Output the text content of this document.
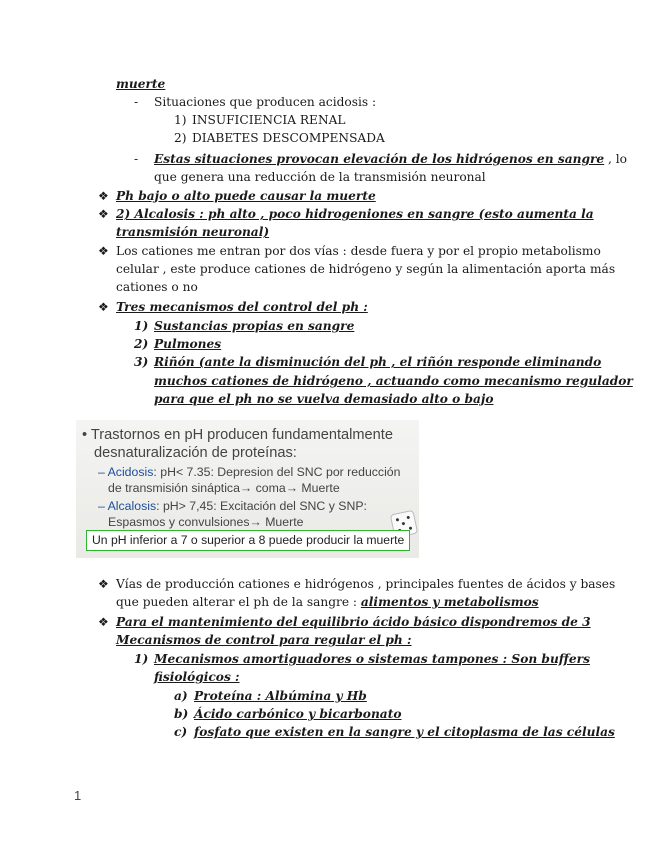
muerte
- Situaciones que producen acidosis :
1) INSUFICIENCIA RENAL
2) DIABETES DESCOMPENSADA
- Estas situaciones provocan elevación de los hidrógenos en sangre , lo
que genera una reducción de la transmisión neuronal
❖ Ph bajo o alto puede causar la muerte
❖ 2) Alcalosis : ph alto , poco hidrogeniones en sangre (esto aumenta la
transmisión neuronal)
❖ Los cationes me entran por dos vías : desde fuera y por el propio metabolismo
celular , este produce cationes de hidrógeno y según la alimentación aporta más
cationes o no
❖ Tres mecanismos del control del ph :
1) Sustancias propias en sangre
2) Pulmones
3) Riñón (ante la disminución del ph , el riñón responde eliminando
muchos cationes de hidrógeno , actuando como mecanismo regulador
para que el ph no se vuelva demasiado alto o bajo
• Trastornos en pH producen fundamentalmente
desnaturalización de proteínas:
– Acidosis: pH< 7.35: Depresion del SNC por reducción
de transmisión sináptica→ coma→ Muerte
– Alcalosis: pH> 7,45: Excitación del SNC y SNP:
Espasmos y convulsiones→ Muerte
Un pH inferior a 7 o superior a 8 puede producir la muerte
❖ Vías de producción cationes e hidrógenos , principales fuentes de ácidos y bases
que pueden alterar el ph de la sangre : alimentos y metabolismos
❖ Para el mantenimiento del equilibrio ácido básico dispondremos de 3
Mecanismos de control para regular el ph :
1) Mecanismos amortiguadores o sistemas tampones : Son buffers
fisiológicos :
a) Proteína : Albúmina y Hb
b) Ácido carbónico y bicarbonato
c) fosfato que existen en la sangre y el citoplasma de las células
1
